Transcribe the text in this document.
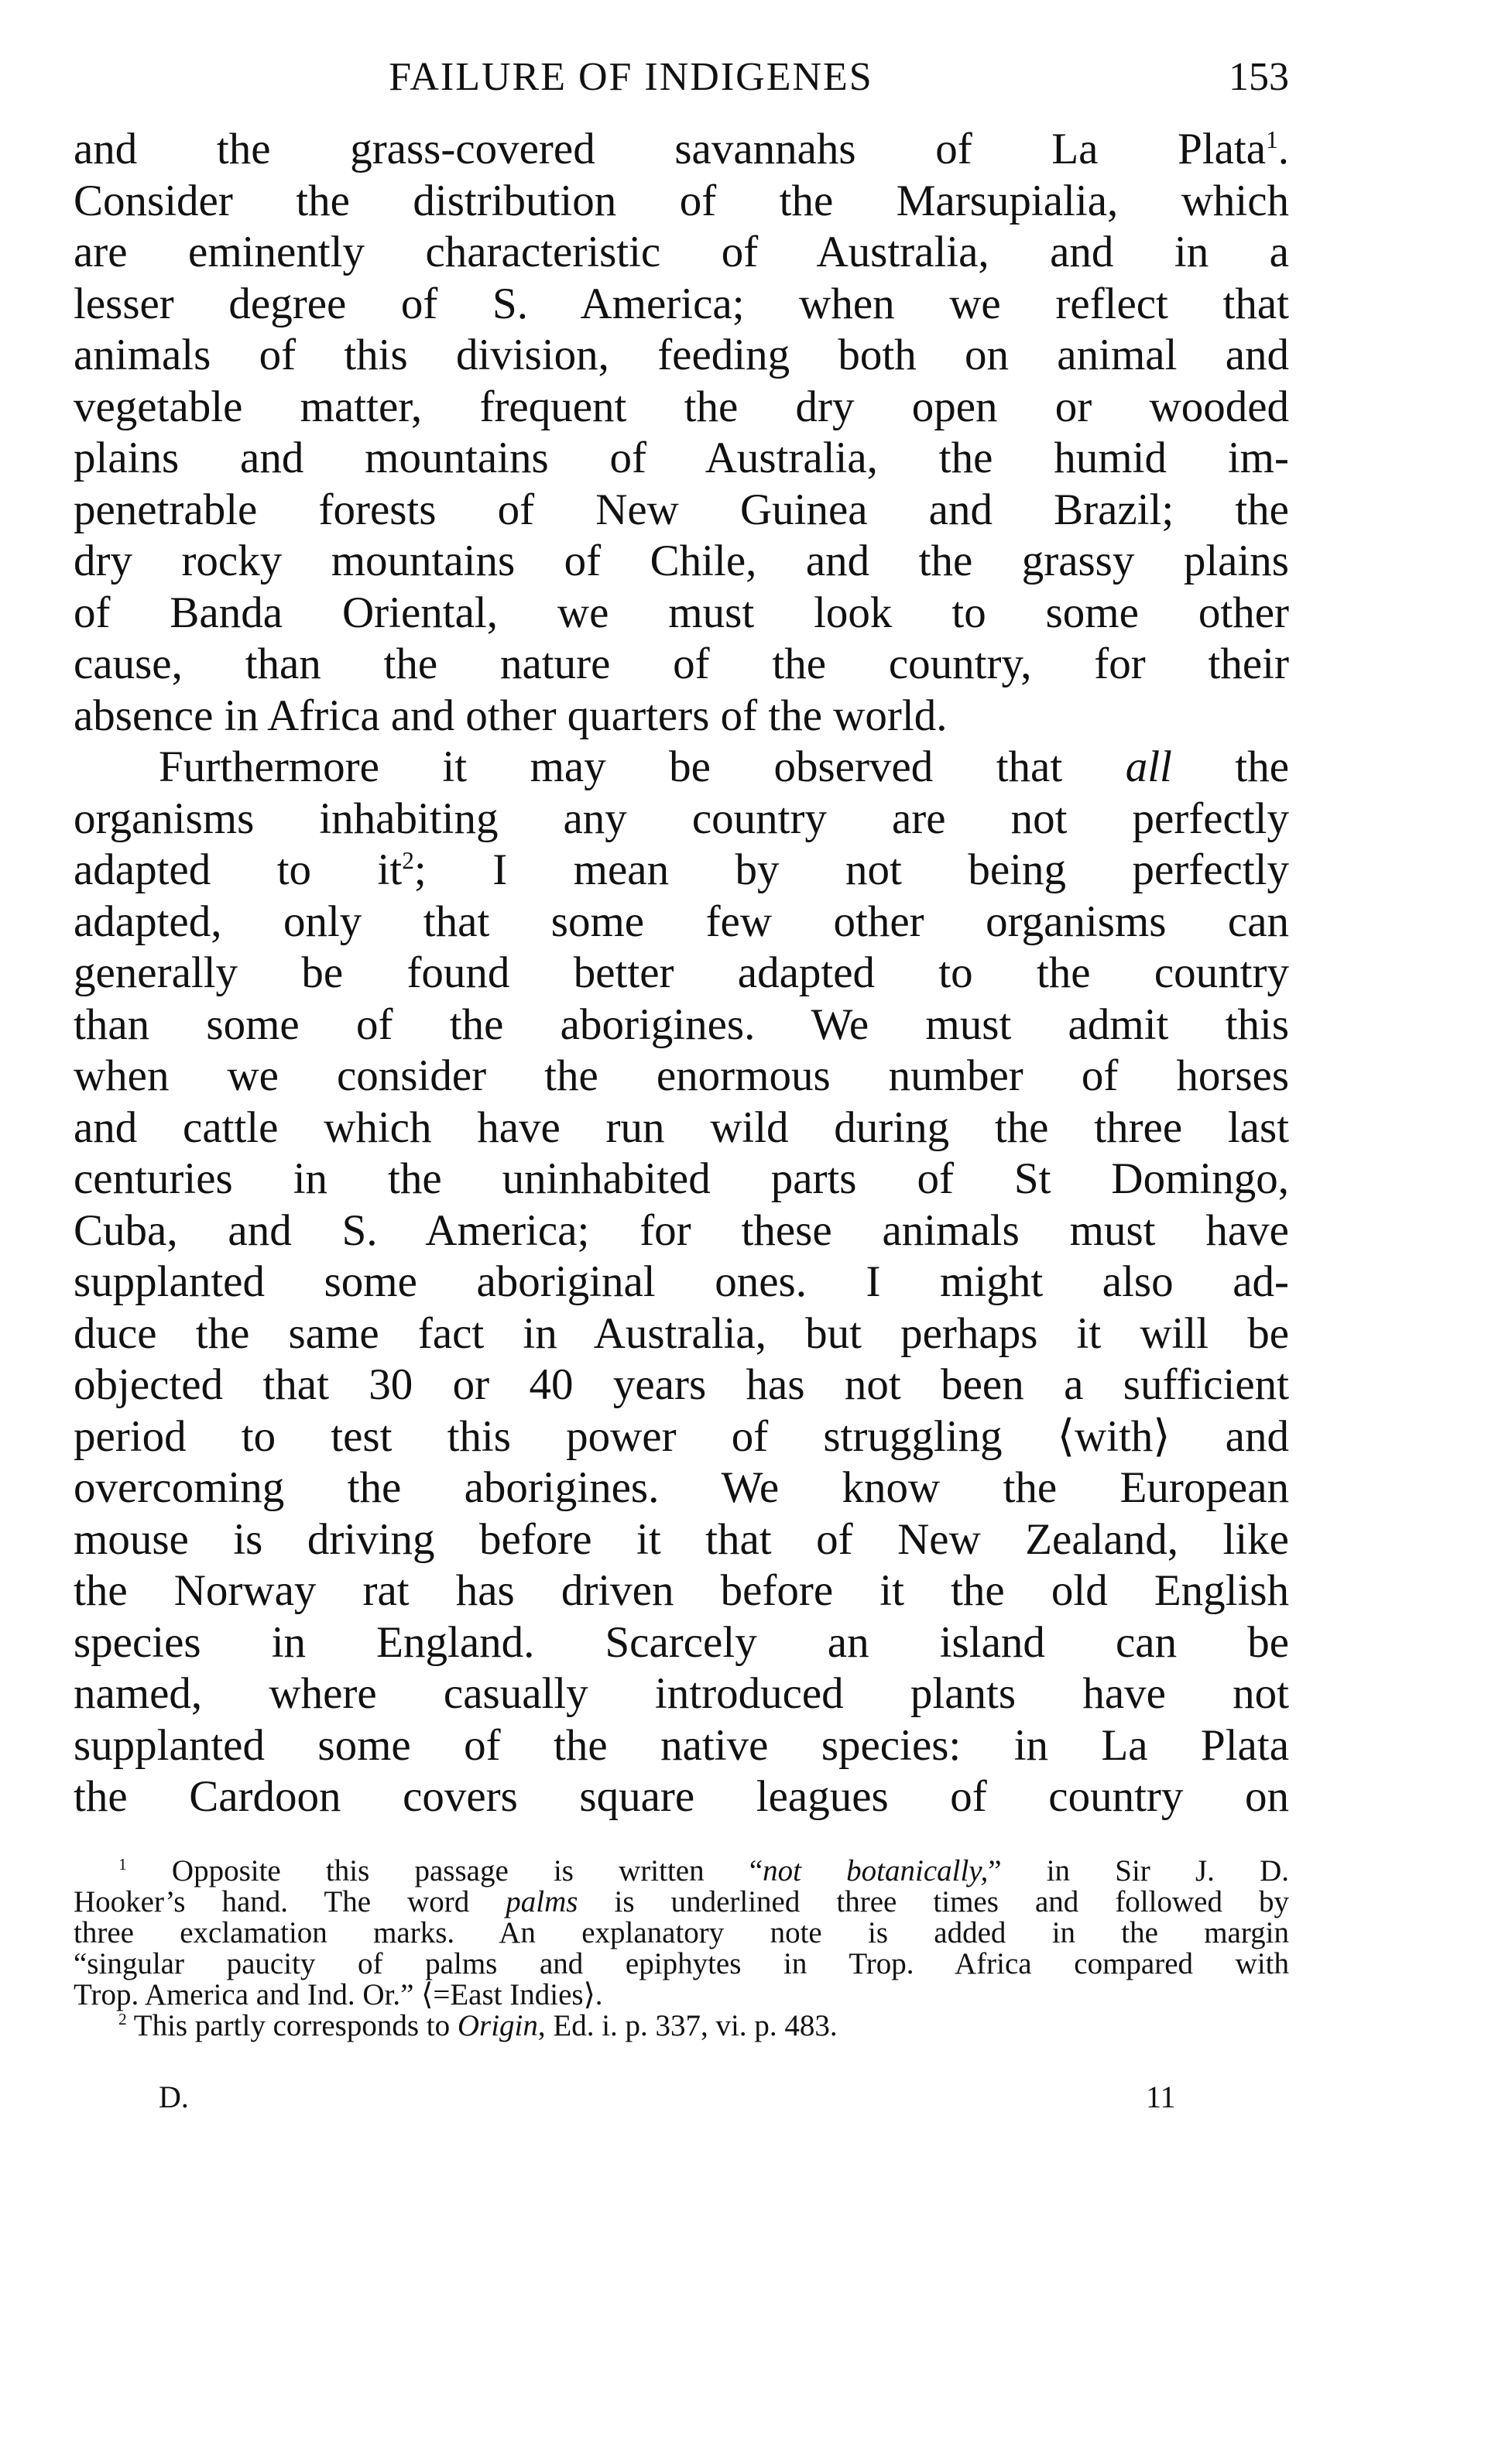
FAILURE OF INDIGENES	153
and the grass-covered savannahs of La Plata$^1$.
Consider the distribution of the Marsupialia, which
are eminently characteristic of Australia, and in a
lesser degree of S. America; when we reflect that
animals of this division, feeding both on animal and
vegetable matter, frequent the dry open or wooded
plains and mountains of Australia, the humid im-
penetrable forests of New Guinea and Brazil; the
dry rocky mountains of Chile, and the grassy plains
of Banda Oriental, we must look to some other
cause, than the nature of the country, for their
absence in Africa and other quarters of the world.
Furthermore it may be observed that all the
organisms inhabiting any country are not perfectly
adapted to $it^2$; I mean by not being perfectly
adapted, only that some few other organisms can
generally be found better adapted to the country
than some of the aborigines. We must admit this
when we consider the enormous number of horses
and cattle which have run wild during the three last
centuries in the uninhabited parts of St Domingo,
Cuba, and S. America; for these animals must have
supplanted some aboriginal ones. I might also ad-
duce the same fact in Australia, but perhaps it will be
objected that 30 or 40 years has not been a sufficient
period to test this power of struggling ⟨with⟩ and
overcoming the aborigines. We know the European
mouse is driving before it that of New Zealand, like
the Norway rat has driven before it the old English
species in England. Scarcely an island can be
named, where casually introduced plants have not
supplanted some of the native species: in La Plata
the Cardoon covers square leagues of country on
$^1$ Opposite this passage is written “not botanically,” in Sir J. D.
Hooker’s hand. The word palms is underlined three times and followed by
three exclamation marks. An explanatory note is added in the margin
“singular paucity of palms and epiphytes in Trop. Africa compared with
Trop. America and Ind. Or.” ⟨=East Indies⟩.
$^2$ This partly corresponds to Origin, Ed. i. p. 337, vi. p. 483.
D.	11
